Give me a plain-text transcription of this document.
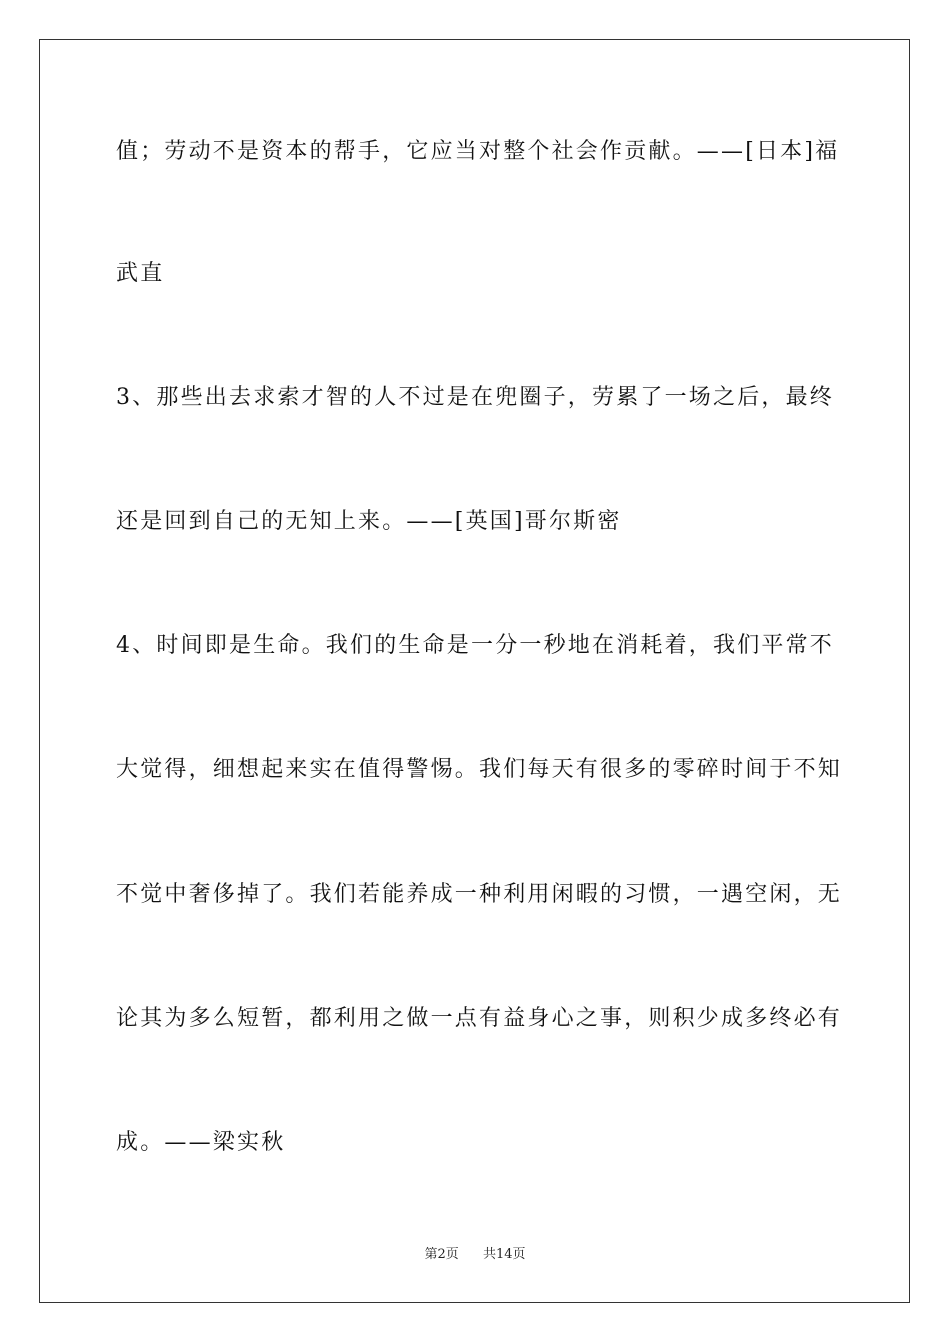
值；劳动不是资本的帮手，它应当对整个社会作贡献。——[日本]福
武直
3、那些出去求索才智的人不过是在兜圈子，劳累了一场之后，最终
还是回到自己的无知上来。——[英国]哥尔斯密
4、时间即是生命。我们的生命是一分一秒地在消耗着，我们平常不
大觉得，细想起来实在值得警惕。我们每天有很多的零碎时间于不知
不觉中奢侈掉了。我们若能养成一种利用闲暇的习惯，一遇空闲，无
论其为多么短暂，都利用之做一点有益身心之事，则积少成多终必有
成。——梁实秋
第2页 共14页
